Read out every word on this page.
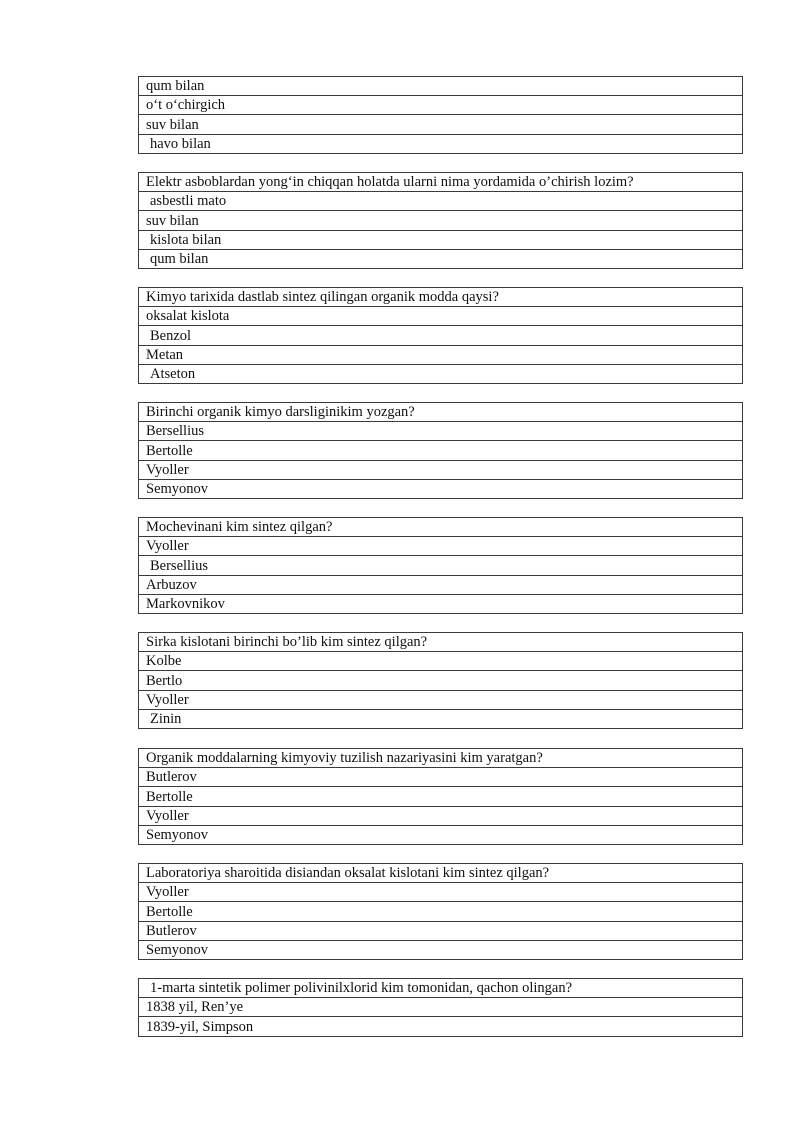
qum bilan
o‘t o‘chirgich
suv bilan
havo bilan
Elektr asboblardan yong‘in chiqqan holatda ularni nima yordamida o’chirish lozim?
asbestli mato
suv bilan
kislota bilan
qum bilan
Kimyo tarixida dastlab sintez qilingan organik modda qaysi?
oksalat kislota
Benzol
Metan
Atseton
Birinchi organik kimyo darsliginikim yozgan?
Bersellius
Bertolle
Vyoller
Semyonov
Mochevinani kim sintez qilgan?
Vyoller
Bersellius
Arbuzov
Markovnikov
Sirka kislotani birinchi bo’lib kim sintez qilgan?
Kolbe
Bertlo
Vyoller
Zinin
Organik moddalarning kimyoviy tuzilish nazariyasini kim yaratgan?
Butlerov
Bertolle
Vyoller
Semyonov
Laboratoriya sharoitida disiandan oksalat kislotani kim sintez qilgan?
Vyoller
Bertolle
Butlerov
Semyonov
1-marta sintetik polimer polivinilxlorid kim tomonidan, qachon olingan?
1838 yil, Ren’ye
1839-yil, Simpson
